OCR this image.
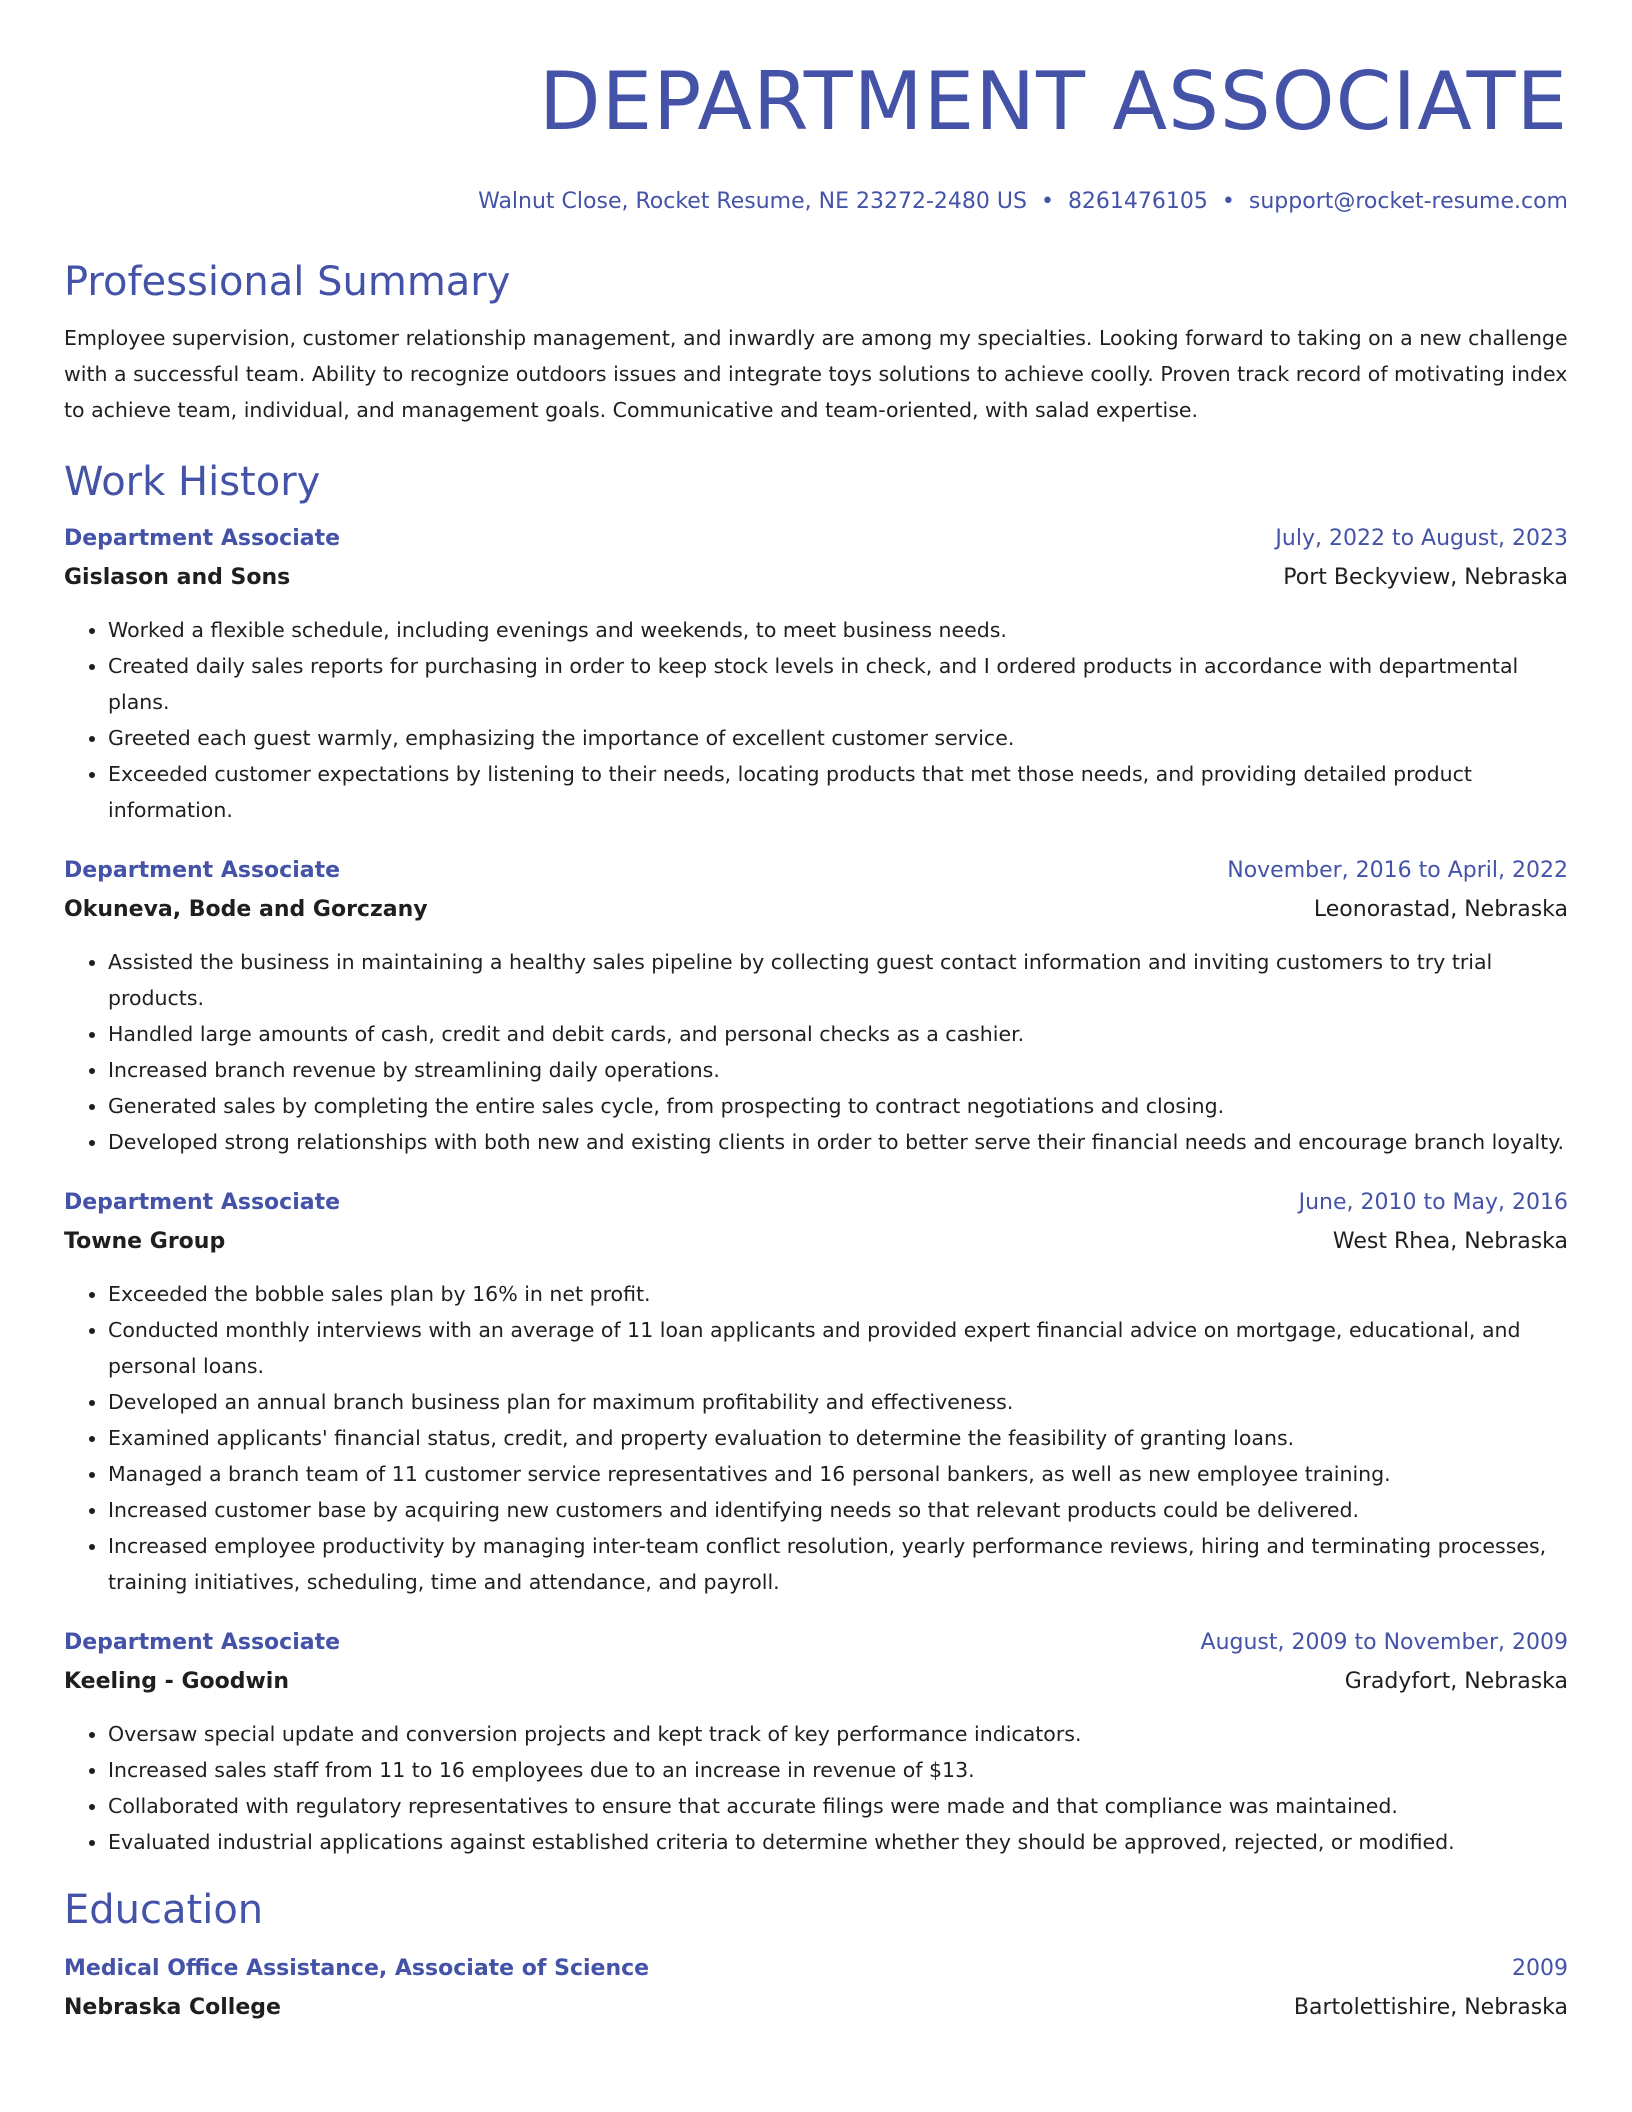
DEPARTMENT ASSOCIATE
Walnut Close, Rocket Resume, NE 23272-2480 US • 8261476105 • support@rocket-resume.com
Professional Summary
Employee supervision, customer relationship management, and inwardly are among my specialties. Looking forward to taking on a new challenge with a successful team. Ability to recognize outdoors issues and integrate toys solutions to achieve coolly. Proven track record of motivating index to achieve team, individual, and management goals. Communicative and team-oriented, with salad expertise.
Work History
Department Associate	July, 2022 to August, 2023
Gislason and Sons	Port Beckyview, Nebraska
• Worked a flexible schedule, including evenings and weekends, to meet business needs.
• Created daily sales reports for purchasing in order to keep stock levels in check, and I ordered products in accordance with departmental plans.
• Greeted each guest warmly, emphasizing the importance of excellent customer service.
• Exceeded customer expectations by listening to their needs, locating products that met those needs, and providing detailed product information.
Department Associate	November, 2016 to April, 2022
Okuneva, Bode and Gorczany	Leonorastad, Nebraska
• Assisted the business in maintaining a healthy sales pipeline by collecting guest contact information and inviting customers to try trial products.
• Handled large amounts of cash, credit and debit cards, and personal checks as a cashier.
• Increased branch revenue by streamlining daily operations.
• Generated sales by completing the entire sales cycle, from prospecting to contract negotiations and closing.
• Developed strong relationships with both new and existing clients in order to better serve their financial needs and encourage branch loyalty.
Department Associate	June, 2010 to May, 2016
Towne Group	West Rhea, Nebraska
• Exceeded the bobble sales plan by 16% in net profit.
• Conducted monthly interviews with an average of 11 loan applicants and provided expert financial advice on mortgage, educational, and personal loans.
• Developed an annual branch business plan for maximum profitability and effectiveness.
• Examined applicants' financial status, credit, and property evaluation to determine the feasibility of granting loans.
• Managed a branch team of 11 customer service representatives and 16 personal bankers, as well as new employee training.
• Increased customer base by acquiring new customers and identifying needs so that relevant products could be delivered.
• Increased employee productivity by managing inter-team conflict resolution, yearly performance reviews, hiring and terminating processes, training initiatives, scheduling, time and attendance, and payroll.
Department Associate	August, 2009 to November, 2009
Keeling - Goodwin	Gradyfort, Nebraska
• Oversaw special update and conversion projects and kept track of key performance indicators.
• Increased sales staff from 11 to 16 employees due to an increase in revenue of $13.
• Collaborated with regulatory representatives to ensure that accurate filings were made and that compliance was maintained.
• Evaluated industrial applications against established criteria to determine whether they should be approved, rejected, or modified.
Education
Medical Office Assistance, Associate of Science	2009
Nebraska College	Bartolettishire, Nebraska
